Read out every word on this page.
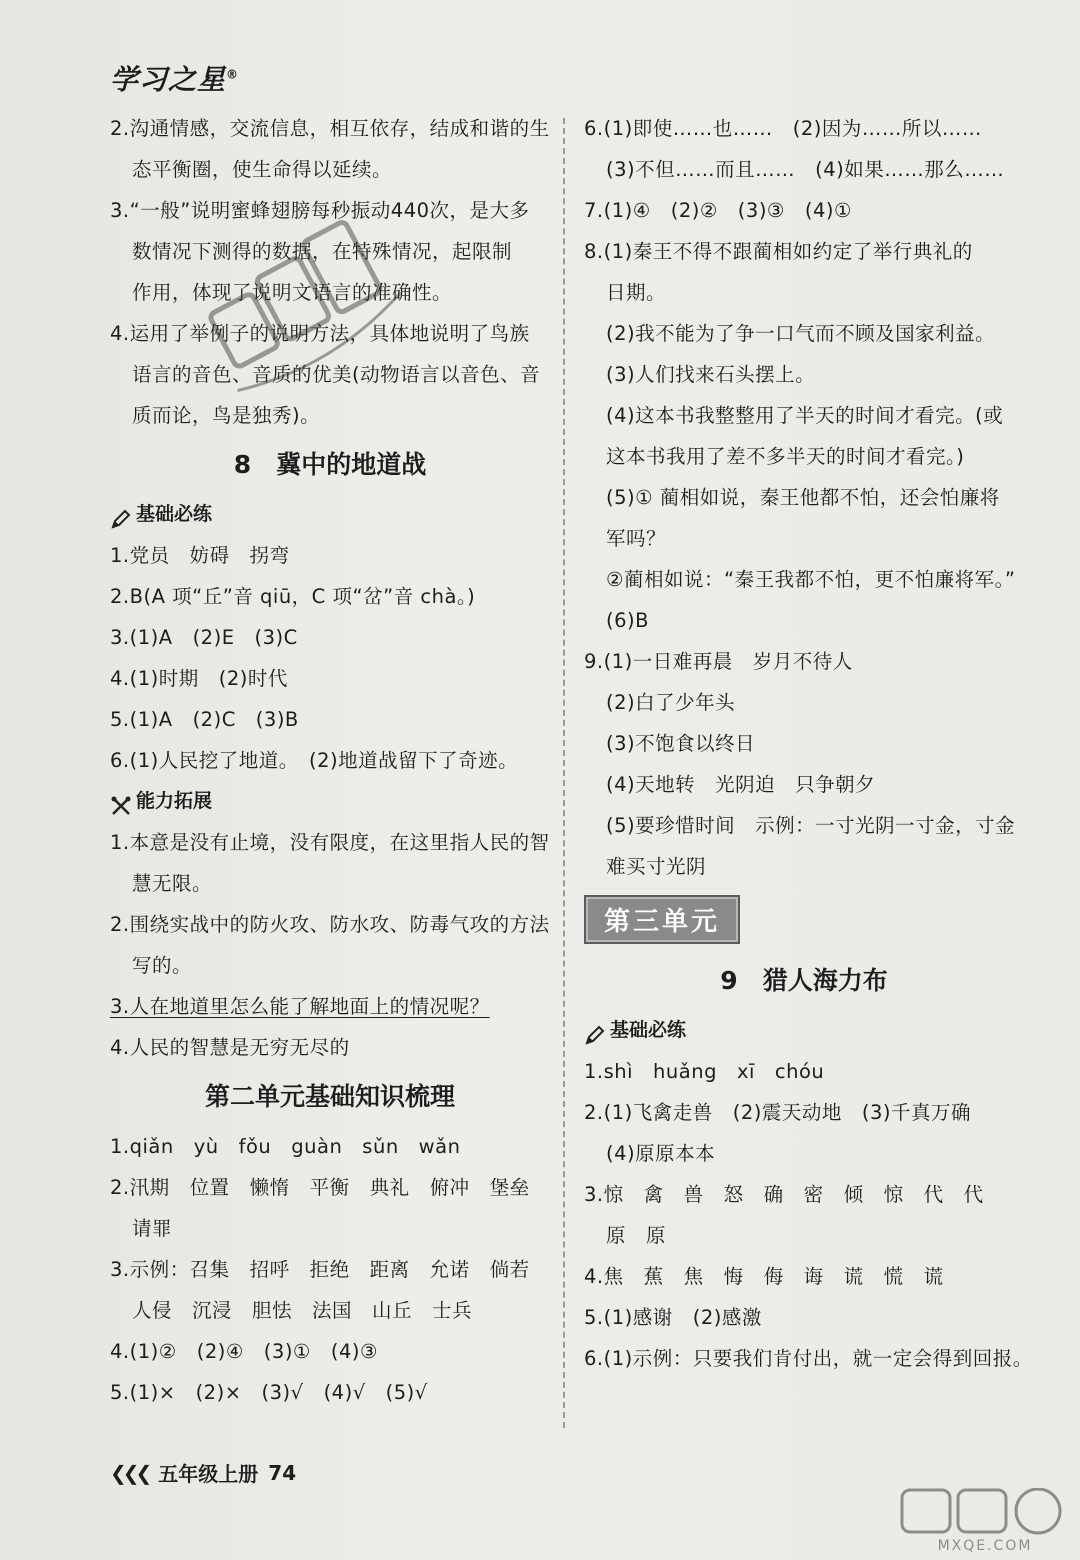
学习之星®
2.沟通情感，交流信息，相互依存，结成和谐的生
态平衡圈，使生命得以延续。
3.“一般”说明蜜蜂翅膀每秒振动440次，是大多
数情况下测得的数据，在特殊情况，起限制
作用，体现了说明文语言的准确性。
4.运用了举例子的说明方法，具体地说明了鸟族
语言的音色、音质的优美(动物语言以音色、音
质而论，鸟是独秀)。
8　冀中的地道战
基础必练
1.党员　妨碍　拐弯
2.B(A 项“丘”音 qiū，C 项“岔”音 chà。)
3.(1)A　(2)E　(3)C
4.(1)时期　(2)时代
5.(1)A　(2)C　(3)B
6.(1)人民挖了地道。　(2)地道战留下了奇迹。
能力拓展
1.本意是没有止境，没有限度，在这里指人民的智
慧无限。
2.围绕实战中的防火攻、防水攻、防毒气攻的方法
写的。
3.人在地道里怎么能了解地面上的情况呢？
4.人民的智慧是无穷无尽的
第二单元基础知识梳理
1.qiǎn　yù　fǒu　guàn　sǔn　wǎn
2.汛期　位置　懒惰　平衡　典礼　俯冲　堡垒
请罪
3.示例：召集　招呼　拒绝　距离　允诺　倘若
人侵　沉浸　胆怯　法国　山丘　士兵
4.(1)②　(2)④　(3)①　(4)③
5.(1)×　(2)×　(3)√　(4)√　(5)√
6.(1)即使……也……　(2)因为……所以……
(3)不但……而且……　(4)如果……那么……
7.(1)④　(2)②　(3)③　(4)①
8.(1)秦王不得不跟蔺相如约定了举行典礼的
日期。
(2)我不能为了争一口气而不顾及国家利益。
(3)人们找来石头摆上。
(4)这本书我整整用了半天的时间才看完。(或
这本书我用了差不多半天的时间才看完。)
(5)① 蔺相如说，秦王他都不怕，还会怕廉将
军吗？
②蔺相如说：“秦王我都不怕，更不怕廉将军。”
(6)B
9.(1)一日难再晨　岁月不待人
(2)白了少年头
(3)不饱食以终日
(4)天地转　光阴迫　只争朝夕
(5)要珍惜时间　示例：一寸光阴一寸金，寸金
难买寸光阴
第三单元
9　猎人海力布
基础必练
1.shì　huǎng　xī　chóu
2.(1)飞禽走兽　(2)震天动地　(3)千真万确
(4)原原本本
3.惊　禽　兽　怒　确　密　倾　惊　代　代
原　原
4.焦　蕉　焦　悔　侮　诲　谎　慌　谎
5.(1)感谢　(2)感激
6.(1)示例：只要我们肯付出，就一定会得到回报。
❮❮❮ 五年级上册 74
MXQE.COM
